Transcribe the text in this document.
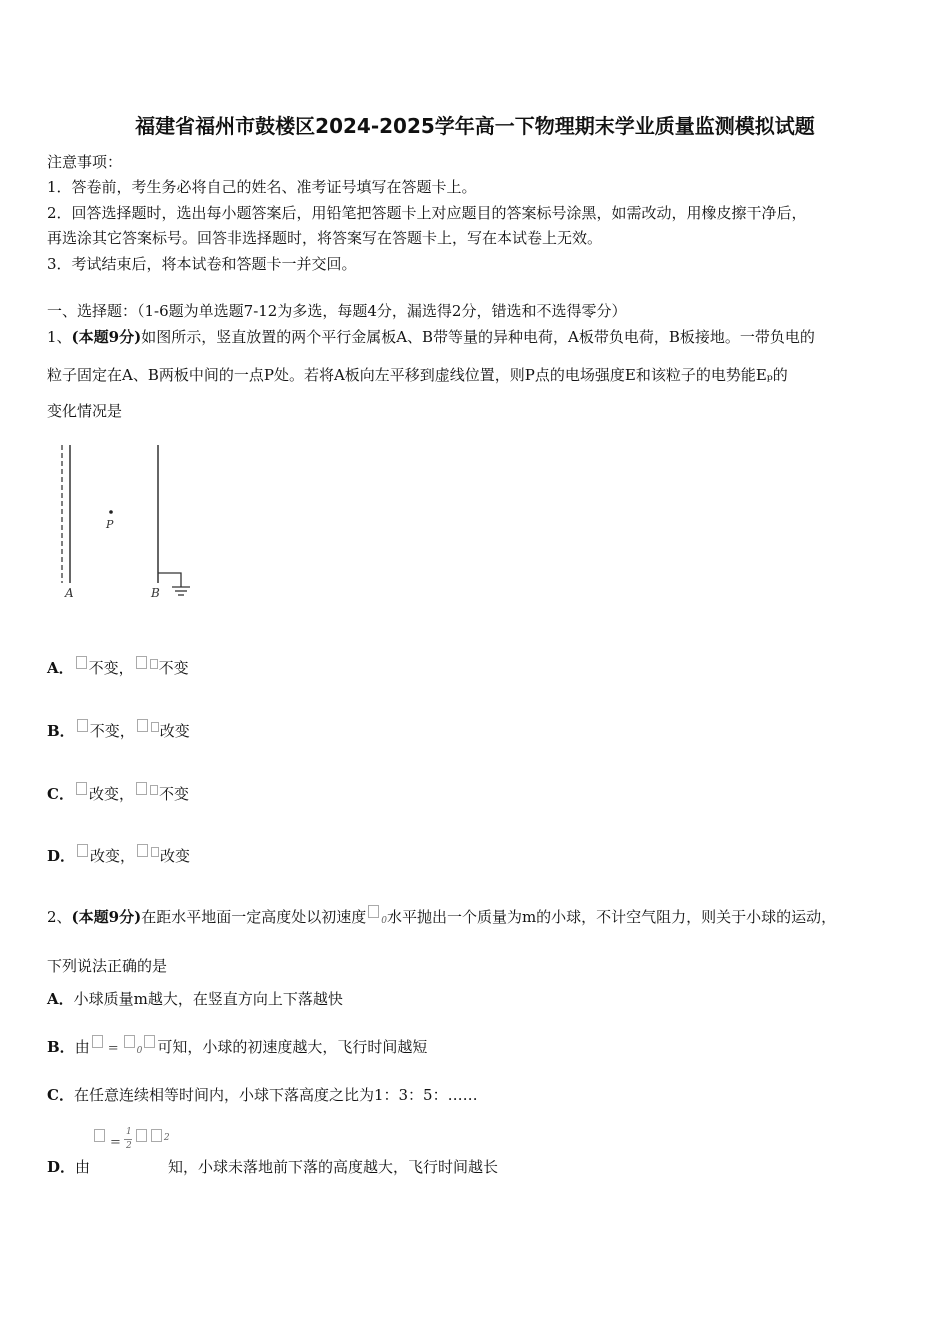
福建省福州市鼓楼区2024-2025学年高一下物理期末学业质量监测模拟试题
注意事项：
1．答卷前，考生务必将自己的姓名、准考证号填写在答题卡上。
2．回答选择题时，选出每小题答案后，用铅笔把答题卡上对应题目的答案标号涂黑，如需改动，用橡皮擦干净后，
再选涂其它答案标号。回答非选择题时，将答案写在答题卡上，写在本试卷上无效。
3．考试结束后，将本试卷和答题卡一并交回。
一、选择题：（1-6题为单选题7-12为多选，每题4分，漏选得2分，错选和不选得零分）
1、(本题9分)如图所示，竖直放置的两个平行金属板A、B带等量的异种电荷，A板带负电荷，B板接地。一带负电的
粒子固定在A、B两板中间的一点P处。若将A板向左平移到虚线位置，则P点的电场强度E和该粒子的电势能Eₚ的
变化情况是
P
A	B
A． 不变， 不变
B． 不变， 改变
C． 改变， 不变
D． 改变， 改变
2、(本题9分)在距水平地面一定高度处以初速度 0水平抛出一个质量为m的小球，不计空气阻力，则关于小球的运动，
下列说法正确的是
A．小球质量m越大，在竖直方向上下落越快
B．由 = 0 可知，小球的初速度越大，飞行时间越短
C．在任意连续相等时间内，小球下落高度之比为1：3：5：……
=	$^2$
1
2
D．由	知，小球未落地前下落的高度越大，飞行时间越长
